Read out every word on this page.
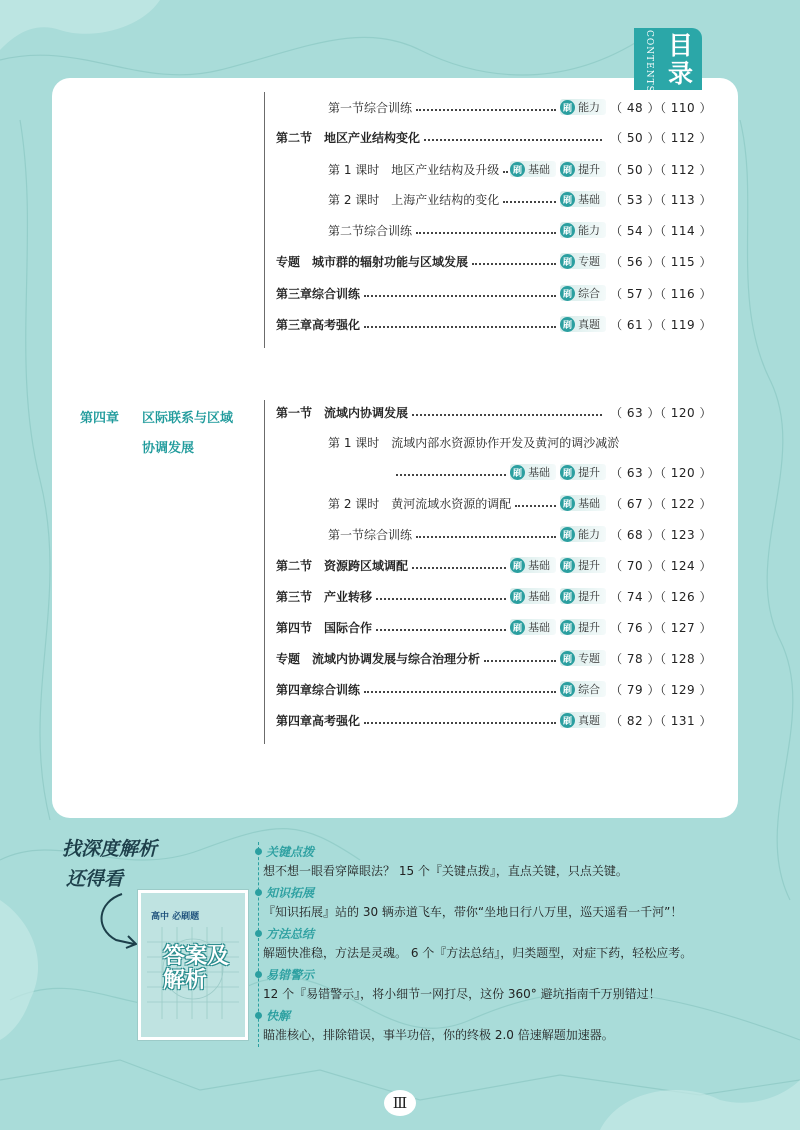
CONTENTS 目录
第一节综合训练	刷 能力 （ 48 ）（ 110 ）
第二节　地区产业结构变化	（ 50 ）（ 112 ）
第 1 课时　地区产业结构及升级	刷 基础	刷 提升 （ 50 ）（ 112 ）
第 2 课时　上海产业结构的变化	刷 基础 （ 53 ）（ 113 ）
第二节综合训练	刷 能力 （ 54 ）（ 114 ）
专题　城市群的辐射功能与区域发展	刷 专题 （ 56 ）（ 115 ）
第三章综合训练	刷 综合 （ 57 ）（ 116 ）
第三章高考强化	刷 真题 （ 61 ）（ 119 ）
第四章 区际联系与区域
协调发展
第一节　流域内协调发展	（ 63 ）（ 120 ）
第 1 课时　流域内部水资源协作开发及黄河的调沙减淤
刷 基础	刷 提升 （ 63 ）（ 120 ）
第 2 课时　黄河流域水资源的调配	刷 基础 （ 67 ）（ 122 ）
第一节综合训练	刷 能力 （ 68 ）（ 123 ）
第二节　资源跨区域调配	刷 基础	刷 提升 （ 70 ）（ 124 ）
第三节　产业转移	刷 基础	刷 提升 （ 74 ）（ 126 ）
第四节　国际合作	刷 基础	刷 提升 （ 76 ）（ 127 ）
专题　流域内协调发展与综合治理分析	刷 专题 （ 78 ）（ 128 ）
第四章综合训练	刷 综合 （ 79 ）（ 129 ）
第四章高考强化	刷 真题 （ 82 ）（ 131 ）
找深度解析
还得看
高中 必刷题
答案及解析
关键点拨
想不想一眼看穿障眼法？ 15 个『关键点拨』，直点关键，只点关键。
知识拓展
『知识拓展』站的 30 辆赤道飞车，带你“坐地日行八万里，巡天遥看一千河”！
方法总结
解题快准稳，方法是灵魂。 6 个『方法总结』，归类题型，对症下药，轻松应考。
易错警示
12 个『易错警示』，将小细节一网打尽，这份 360° 避坑指南千万别错过！
快解
瞄准核心，排除错误，事半功倍，你的终极 2.0 倍速解题加速器。
Ⅲ
